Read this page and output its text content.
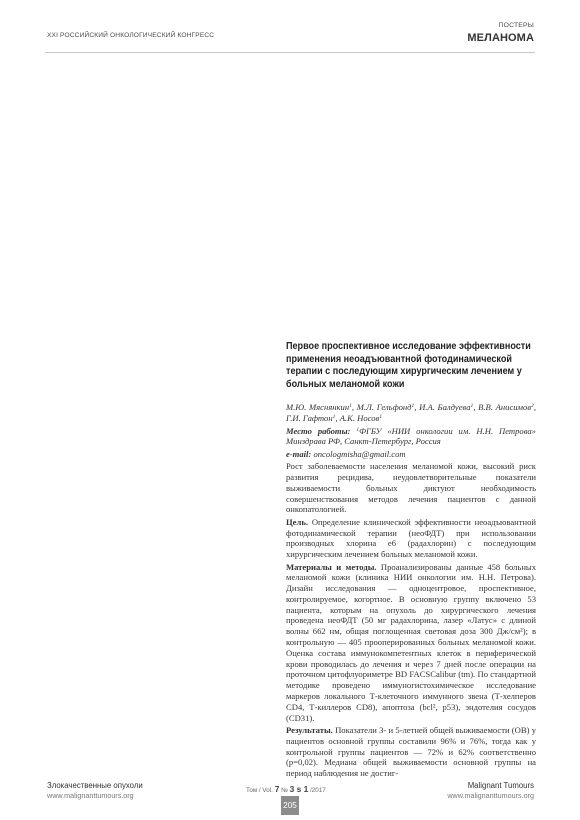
XXI РОССИЙСКИЙ ОНКОЛОГИЧЕСКИЙ КОНГРЕСС
ПОСТЕРЫ
МЕЛАНОМА
Первое проспективное исследование эффективности применения неоадъювантной фотодинамической терапии с последующим хирургическим лечением у больных меланомой кожи

М.Ю. Мяснянкин$^1$, М.Л. Гельфонд$^1$, И.А. Балдуева$^1$, В.В. Анисимов$^2$, Г.И. Гафтон$^1$, А.К. Носов$^1$

Место работы: $^1$ФГБУ «НИИ онкологии им. Н.Н. Петрова» Минздрава РФ, Санкт-Петербург, Россия

e-mail: oncologmisha@gmail.com

Рост заболеваемости населения меланомой кожи, высокий риск развития рецидива, неудовлетворительные показатели выживаемости больных диктуют необходимость совершенствования методов лечения пациентов с данной онкопатологией.

Цель. Определение клинической эффективности неоадъювантной фотодинамической терапии (неоФДТ) при использовании производных хлорина е6 (радахлорин) с последующим хирургическим лечением больных меланомой кожи.

Материалы и методы. Проанализированы данные 458 больных меланомой кожи (клиника НИИ онкологии им. Н.Н. Петрова). Дизайн исследования — одноцентровое, проспективное, контролируемое, когортное. В основную группу включено 53 пациента, которым на опухоль до хирургического лечения проведена неоФДТ (50 мг радахлорина, лазер «Латус» с длиной волны 662 нм, общая поглощенная световая доза 300 Дж/см²); в контрольную — 405 прооперированных больных меланомой кожи. Оценка состава иммунокомпетентных клеток в периферической крови проводилась до лечения и через 7 дней после операции на проточном цитофлуориметре BD FACSCalibur (tm). По стандартной методике проведено иммуногистохимическое исследование маркеров локального Т-клеточного иммунного звена (Т-хелперов CD4, Т-киллеров CD8), апоптоза (bcl², p53), эндотелия сосудов (CD31).

Результаты. Показатели 3- и 5-летней общей выживаемости (ОВ) у пациентов основной группы составили 96% и 76%, тогда как у контрольной группы пациентов — 72% и 62% соответственно (p=0,02). Медиана общей выживаемости основной группы на период наблюдения не достиг-

Злокачественные опухоли
www.malignanttumours.org
Том / Vol. 7 № 3 s 1 /2017
205
Malignant Tumours
www.malignanttumours.org
